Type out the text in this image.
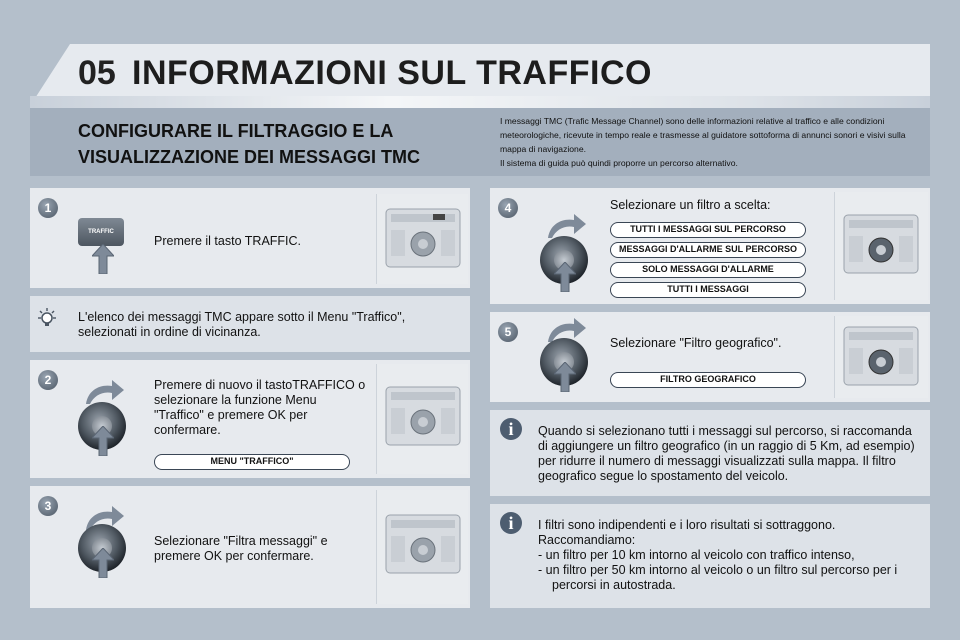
05 INFORMAZIONI SUL TRAFFICO
CONFIGURARE IL FILTRAGGIO E LA
VISUALIZZAZIONE DEI MESSAGGI TMC
I messaggi TMC (Trafic Message Channel) sono delle informazioni relative al traffico e alle condizioni meteorologiche, ricevute in tempo reale e trasmesse al guidatore sottoforma di annunci sonori e visivi sulla mappa di navigazione.
Il sistema di guida può quindi proporre un percorso alternativo.
1
TRAFFIC
Premere il tasto TRAFFIC.
L'elenco dei messaggi TMC appare sotto il Menu "Traffico", selezionati in ordine di vicinanza.
2	Premere di nuovo il tastoTRAFFICO o selezionare la funzione Menu "Traffico" e premere OK per confermare.
MENU "TRAFFICO"
3
Selezionare "Filtra messaggi" e premere OK per confermare.
4	Selezionare un filtro a scelta:
TUTTI I MESSAGGI SUL PERCORSO
MESSAGGI D'ALLARME SUL PERCORSO
SOLO MESSAGGI D'ALLARME
TUTTI I MESSAGGI
5
Selezionare "Filtro geografico".
FILTRO GEOGRAFICO
i	Quando si selezionano tutti i messaggi sul percorso, si raccomanda di aggiungere un filtro geografico (in un raggio di 5 Km, ad esempio) per ridurre il numero di messaggi visualizzati sulla mappa. Il filtro geografico segue lo spostamento del veicolo.
i	I filtri sono indipendenti e i loro risultati si sottraggono.
Raccomandiamo:
- un filtro per 10 km intorno al veicolo con traffico intenso,
- un filtro per 50 km intorno al veicolo o un filtro sul percorso per i percorsi in autostrada.
